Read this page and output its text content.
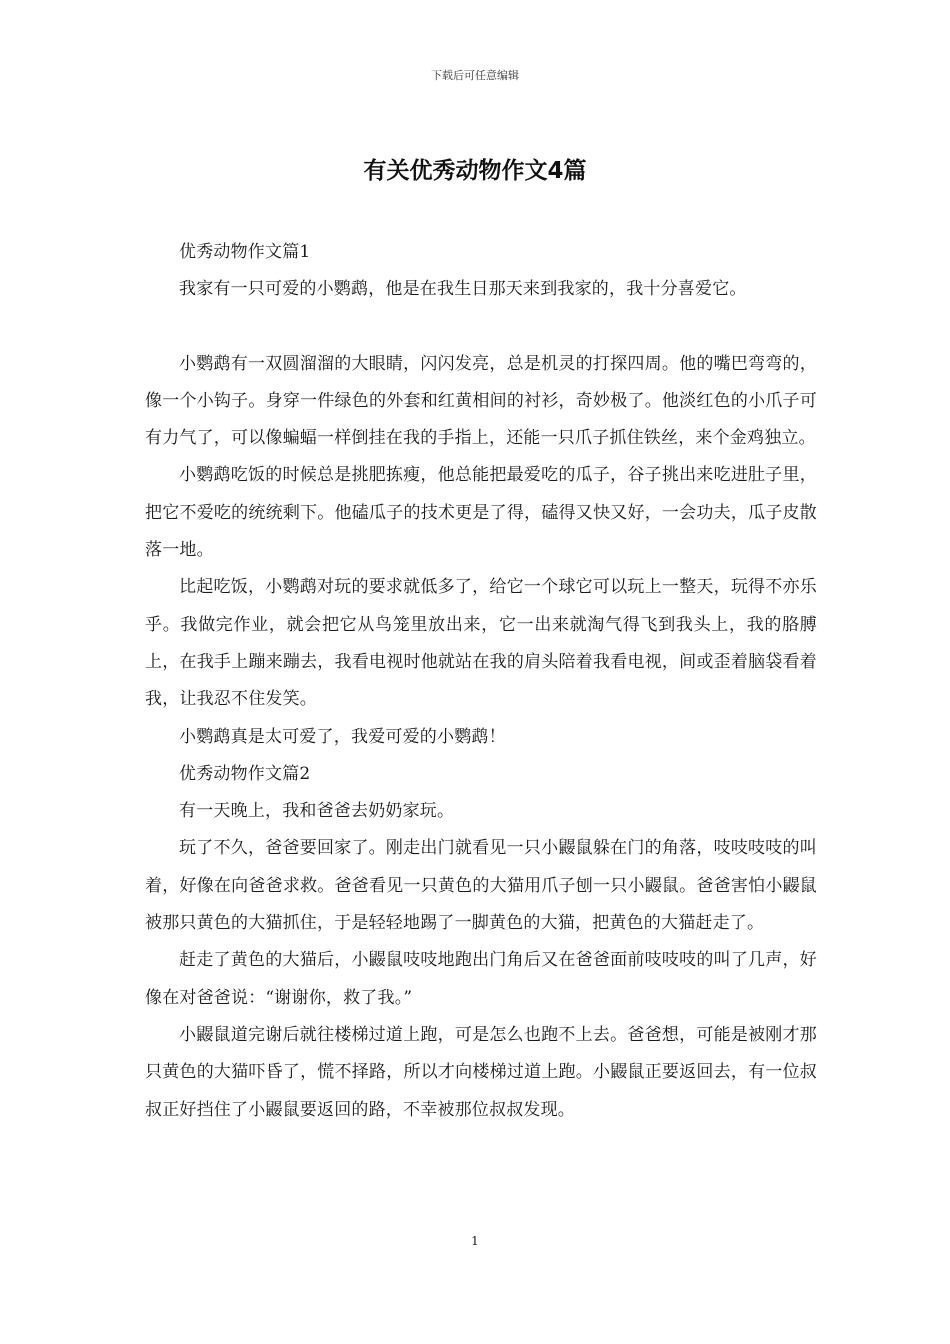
下载后可任意编辑
有关优秀动物作文4篇

优秀动物作文篇1

我家有一只可爱的小鹦鹉，他是在我生日那天来到我家的，我十分喜爱它。

小鹦鹉有一双圆溜溜的大眼睛，闪闪发亮，总是机灵的打探四周。他的嘴巴弯弯的，像一个小钩子。身穿一件绿色的外套和红黄相间的衬衫，奇妙极了。他淡红色的小爪子可有力气了，可以像蝙蝠一样倒挂在我的手指上，还能一只爪子抓住铁丝，来个金鸡独立。

小鹦鹉吃饭的时候总是挑肥拣瘦，他总能把最爱吃的瓜子，谷子挑出来吃进肚子里，把它不爱吃的统统剩下。他磕瓜子的技术更是了得，磕得又快又好，一会功夫，瓜子皮散落一地。

比起吃饭，小鹦鹉对玩的要求就低多了，给它一个球它可以玩上一整天，玩得不亦乐乎。我做完作业，就会把它从鸟笼里放出来，它一出来就淘气得飞到我头上，我的胳膊上，在我手上蹦来蹦去，我看电视时他就站在我的肩头陪着我看电视，间或歪着脑袋看着我，让我忍不住发笑。

小鹦鹉真是太可爱了，我爱可爱的小鹦鹉！

优秀动物作文篇2

有一天晚上，我和爸爸去奶奶家玩。

玩了不久，爸爸要回家了。刚走出门就看见一只小鼹鼠躲在门的角落，吱吱吱吱的叫着，好像在向爸爸求救。爸爸看见一只黄色的大猫用爪子刨一只小鼹鼠。爸爸害怕小鼹鼠被那只黄色的大猫抓住，于是轻轻地踢了一脚黄色的大猫，把黄色的大猫赶走了。

赶走了黄色的大猫后，小鼹鼠吱吱地跑出门角后又在爸爸面前吱吱吱的叫了几声，好像在对爸爸说：“谢谢你，救了我。”

小鼹鼠道完谢后就往楼梯过道上跑，可是怎么也跑不上去。爸爸想，可能是被刚才那只黄色的大猫吓昏了，慌不择路，所以才向楼梯过道上跑。小鼹鼠正要返回去，有一位叔叔正好挡住了小鼹鼠要返回的路，不幸被那位叔叔发现。

1
